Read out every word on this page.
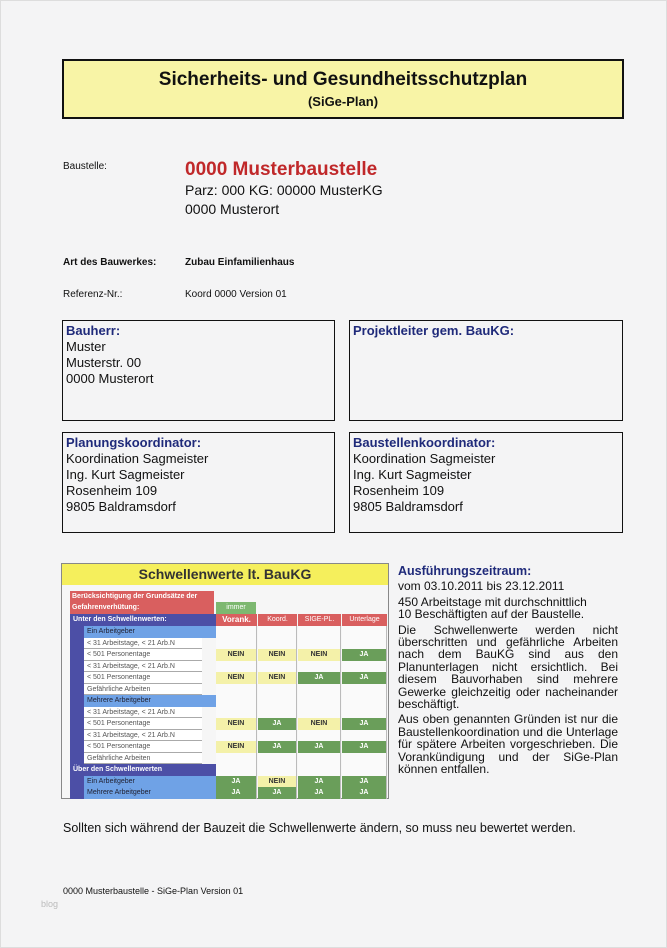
Sicherheits- und Gesundheitsschutzplan
(SiGe-Plan)
Baustelle:	0000 Musterbaustelle
Parz: 000 KG: 00000 MusterKG
0000 Musterort
Art des Bauwerkes:	Zubau Einfamilienhaus
Referenz-Nr.:	Koord 0000 Version 01
Bauherr:
Muster
Musterstr. 00
0000 Musterort
Projektleiter gem. BauKG:
Planungskoordinator:
Koordination Sagmeister
Ing. Kurt Sagmeister
Rosenheim 109
9805 Baldramsdorf
Baustellenkoordinator:
Koordination Sagmeister
Ing. Kurt Sagmeister
Rosenheim 109
9805 Baldramsdorf
Schwellenwerte lt. BauKG
Berücksichtigung der Grundsätze der Gefahrenverhütung:	immer
Unter den Schwellenwerten:	Vorank.	Koord.	SIGE-PL.	Unterlage
Ein Arbeitgeber
< 31 Arbeitstage, < 21 Arb.N
< 501 Personentage	NEIN	NEIN	NEIN	JA
< 31 Arbeitstage, < 21 Arb.N
< 501 Personentage	NEIN	NEIN	JA	JA
Gefährliche Arbeiten
Mehrere Arbeitgeber
< 31 Arbeitstage, < 21 Arb.N
< 501 Personentage	NEIN	JA	NEIN	JA
< 31 Arbeitstage, < 21 Arb.N
< 501 Personentage	NEIN	JA	JA	JA
Gefährliche Arbeiten
Über den Schwellenwerten
Ein Arbeitgeber	JA	NEIN	JA	JA
Mehrere Arbeitgeber	JA	JA	JA	JA
Ausführungszeitraum:
vom 03.10.2011 bis 23.12.2011
450 Arbeitstage mit durchschnittlich
10 Beschäftigten auf der Baustelle.
Die Schwellenwerte werden nicht überschritten und gefährliche Arbeiten nach dem BauKG sind aus den Planunterlagen nicht ersichtlich. Bei diesem Bauvorhaben sind mehrere Gewerke gleichzeitig oder nacheinander beschäftigt.
Aus oben genannten Gründen ist nur die Baustellenkoordination und die Unterlage für spätere Arbeiten vorgeschrieben. Die Vorankündigung und der SiGe-Plan können entfallen.
Sollten sich während der Bauzeit die Schwellenwerte ändern, so muss neu bewertet werden.
0000 Musterbaustelle - SiGe-Plan Version 01
blog
